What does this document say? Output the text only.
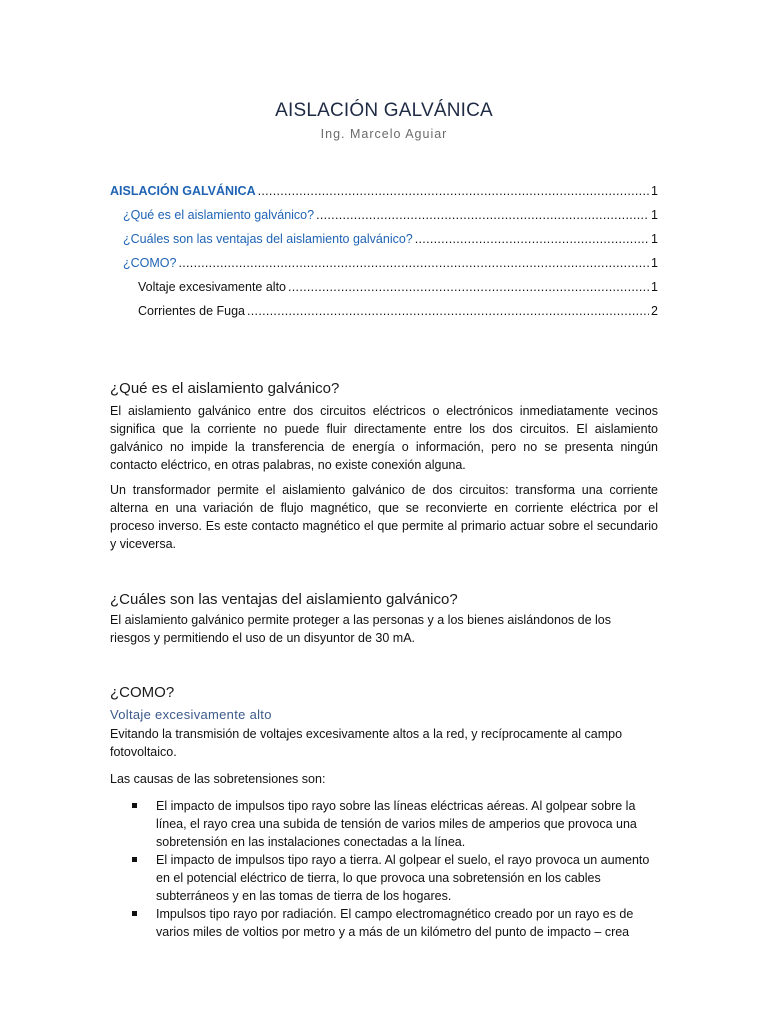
AISLACIÓN GALVÁNICA
Ing. Marcelo Aguiar
AISLACIÓN GALVÁNICA .....	1
¿Qué es el aislamiento galvánico? .....	1
¿Cuáles son las ventajas del aislamiento galvánico? .....	1
¿COMO? .....	1
Voltaje excesivamente alto .....	1
Corrientes de Fuga .....	2
¿Qué es el aislamiento galvánico?
El aislamiento galvánico entre dos circuitos eléctricos o electrónicos inmediatamente vecinos significa que la corriente no puede fluir directamente entre los dos circuitos. El aislamiento galvánico no impide la transferencia de energía o información, pero no se presenta ningún contacto eléctrico, en otras palabras, no existe conexión alguna.
Un transformador permite el aislamiento galvánico de dos circuitos: transforma una corriente alterna en una variación de flujo magnético, que se reconvierte en corriente eléctrica por el proceso inverso. Es este contacto magnético el que permite al primario actuar sobre el secundario y viceversa.
¿Cuáles son las ventajas del aislamiento galvánico?
El aislamiento galvánico permite proteger a las personas y a los bienes aislándonos de los riesgos y permitiendo el uso de un disyuntor de 30 mA.
¿COMO?
Voltaje excesivamente alto
Evitando la transmisión de voltajes excesivamente altos a la red, y recíprocamente al campo fotovoltaico.
Las causas de las sobretensiones son:
El impacto de impulsos tipo rayo sobre las líneas eléctricas aéreas. Al golpear sobre la línea, el rayo crea una subida de tensión de varios miles de amperios que provoca una sobretensión en las instalaciones conectadas a la línea.
El impacto de impulsos tipo rayo a tierra. Al golpear el suelo, el rayo provoca un aumento en el potencial eléctrico de tierra, lo que provoca una sobretensión en los cables subterráneos y en las tomas de tierra de los hogares.
Impulsos tipo rayo por radiación. El campo electromagnético creado por un rayo es de varios miles de voltios por metro y a más de un kilómetro del punto de impacto – crea
